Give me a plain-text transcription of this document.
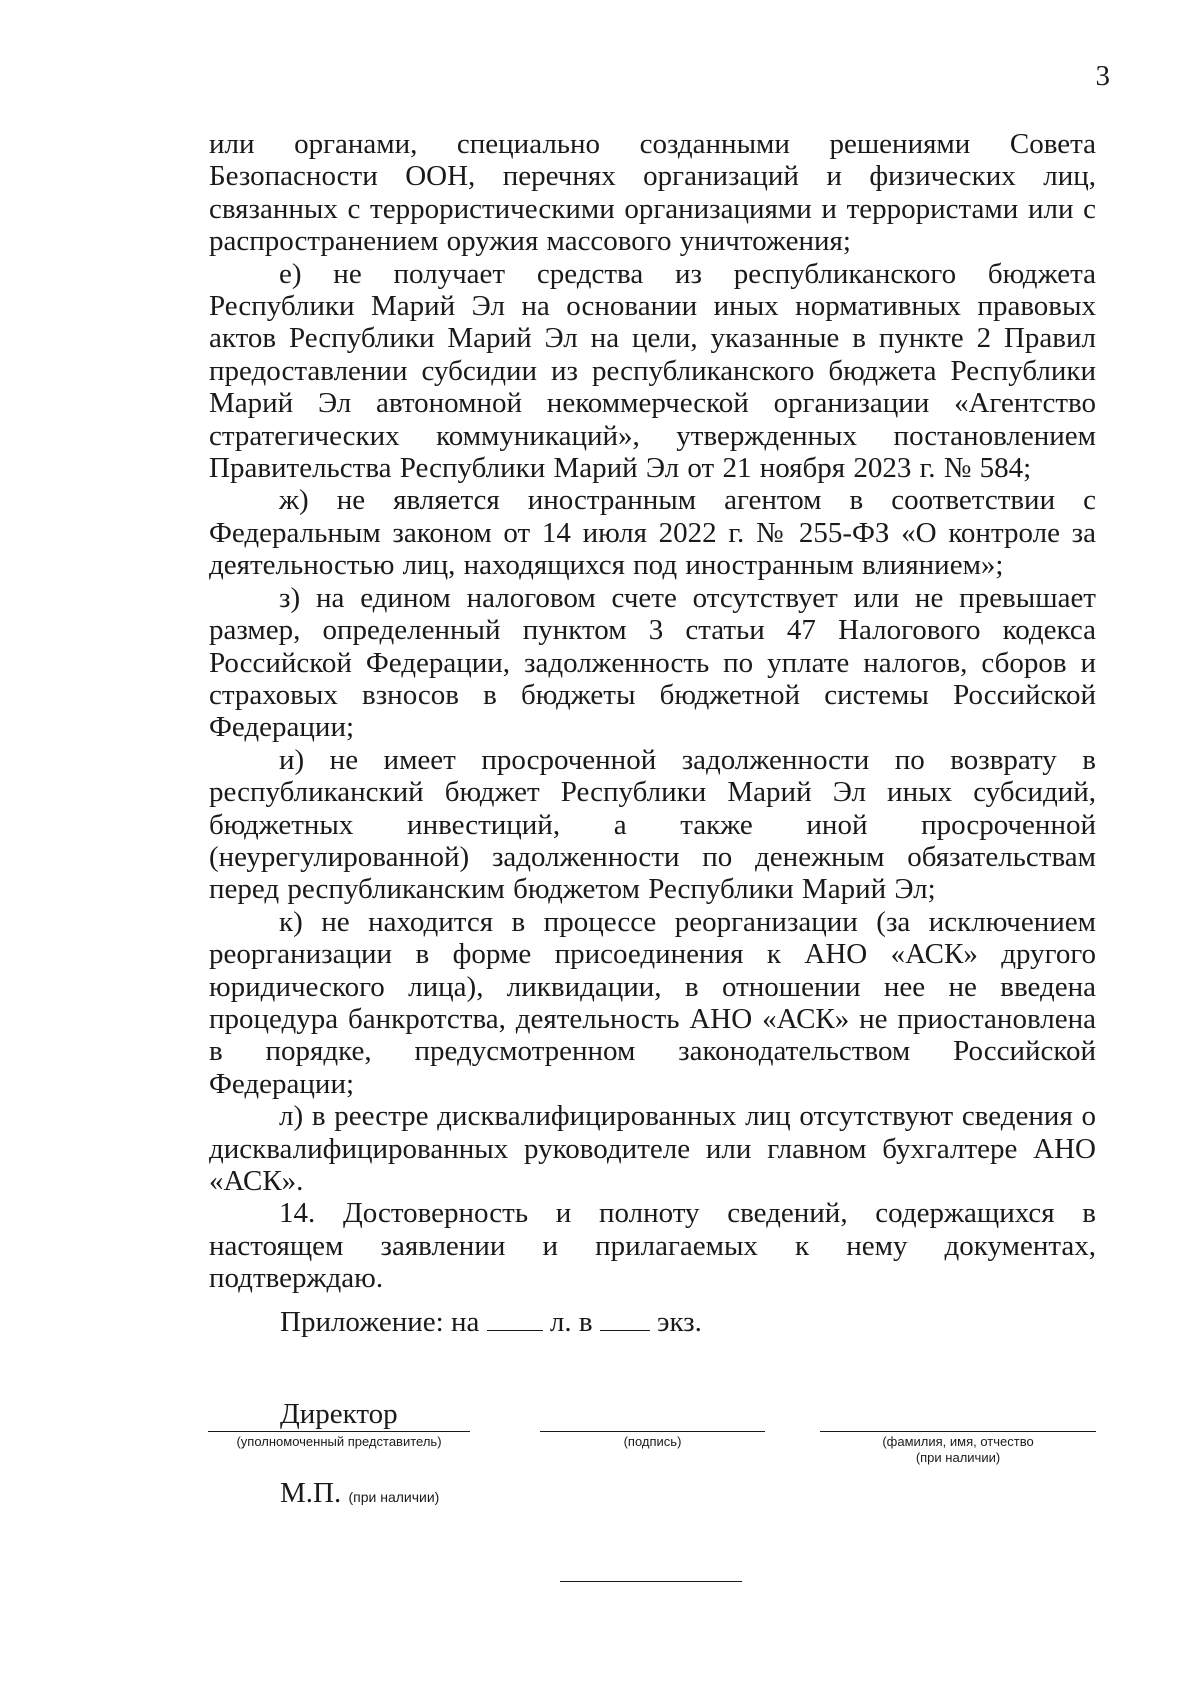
3

или органами, специально созданными решениями Совета Безопасности ООН, перечнях организаций и физических лиц, связанных с террористическими организациями и террористами или с распространением оружия массового уничтожения;

е) не получает средства из республиканского бюджета Республики Марий Эл на основании иных нормативных правовых актов Республики Марий Эл на цели, указанные в пункте 2 Правил предоставлении субсидии из республиканского бюджета Республики Марий Эл автономной некоммерческой организации «Агентство стратегических коммуникаций», утвержденных постановлением Правительства Республики Марий Эл от 21 ноября 2023 г. № 584;

ж) не является иностранным агентом в соответствии с Федеральным законом от 14 июля 2022 г. № 255-ФЗ «О контроле за деятельностью лиц, находящихся под иностранным влиянием»;

з) на едином налоговом счете отсутствует или не превышает размер, определенный пунктом 3 статьи 47 Налогового кодекса Российской Федерации, задолженность по уплате налогов, сборов и страховых взносов в бюджеты бюджетной системы Российской Федерации;

и) не имеет просроченной задолженности по возврату в республиканский бюджет Республики Марий Эл иных субсидий, бюджетных инвестиций, а также иной просроченной (неурегулированной) задолженности по денежным обязательствам перед республиканским бюджетом Республики Марий Эл;

к) не находится в процессе реорганизации (за исключением реорганизации в форме присоединения к АНО «АСК» другого юридического лица), ликвидации, в отношении нее не введена процедура банкротства, деятельность АНО «АСК» не приостановлена в порядке, предусмотренном законодательством Российской Федерации;

л) в реестре дисквалифицированных лиц отсутствуют сведения о дисквалифицированных руководителе или главном бухгалтере АНО «АСК».

14. Достоверность и полноту сведений, содержащихся в настоящем заявлении и прилагаемых к нему документах, подтверждаю.

Приложение: на л. в экз.
Директор
(уполномоченный представитель)	(подпись)	(фамилия, имя, отчество
(при наличии)
М.П. (при наличии)
